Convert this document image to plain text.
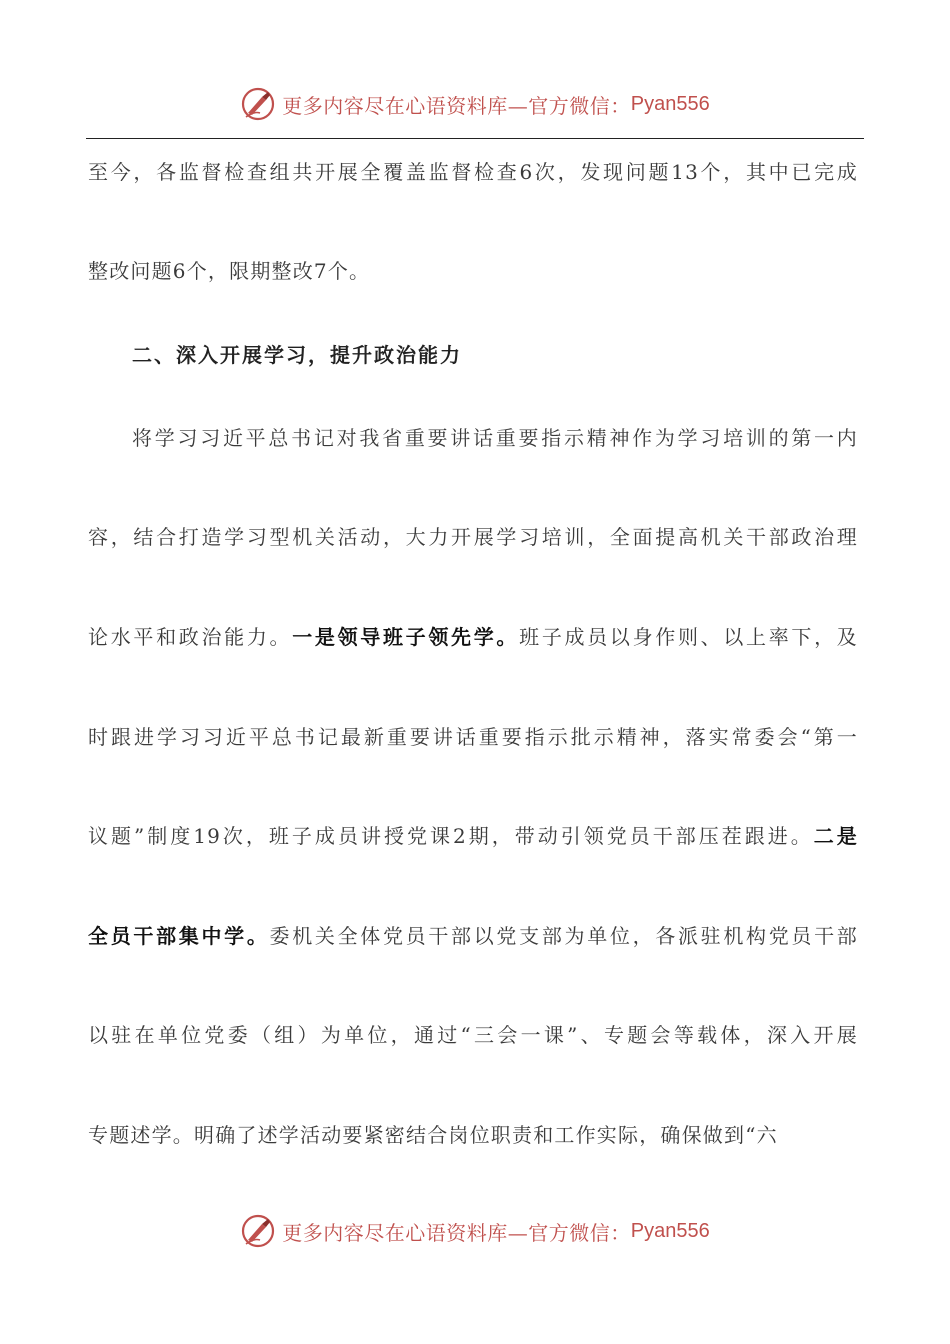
更多内容尽在心语资料库—官方微信： Pyan556
至今，各监督检查组共开展全覆盖监督检查6次，发现问题13个，其中已完成
整改问题6个，限期整改7个。
二、深入开展学习，提升政治能力
将学习习近平总书记对我省重要讲话重要指示精神作为学习培训的第一内
容，结合打造学习型机关活动，大力开展学习培训，全面提高机关干部政治理
论水平和政治能力。一是领导班子领先学。班子成员以身作则、以上率下，及
时跟进学习习近平总书记最新重要讲话重要指示批示精神，落实常委会“第一
议题”制度19次，班子成员讲授党课2期，带动引领党员干部压茬跟进。二是
全员干部集中学。委机关全体党员干部以党支部为单位，各派驻机构党员干部
以驻在单位党委（组）为单位，通过“三会一课”、专题会等载体，深入开展
专题述学。明确了述学活动要紧密结合岗位职责和工作实际，确保做到“六
更多内容尽在心语资料库—官方微信： Pyan556
